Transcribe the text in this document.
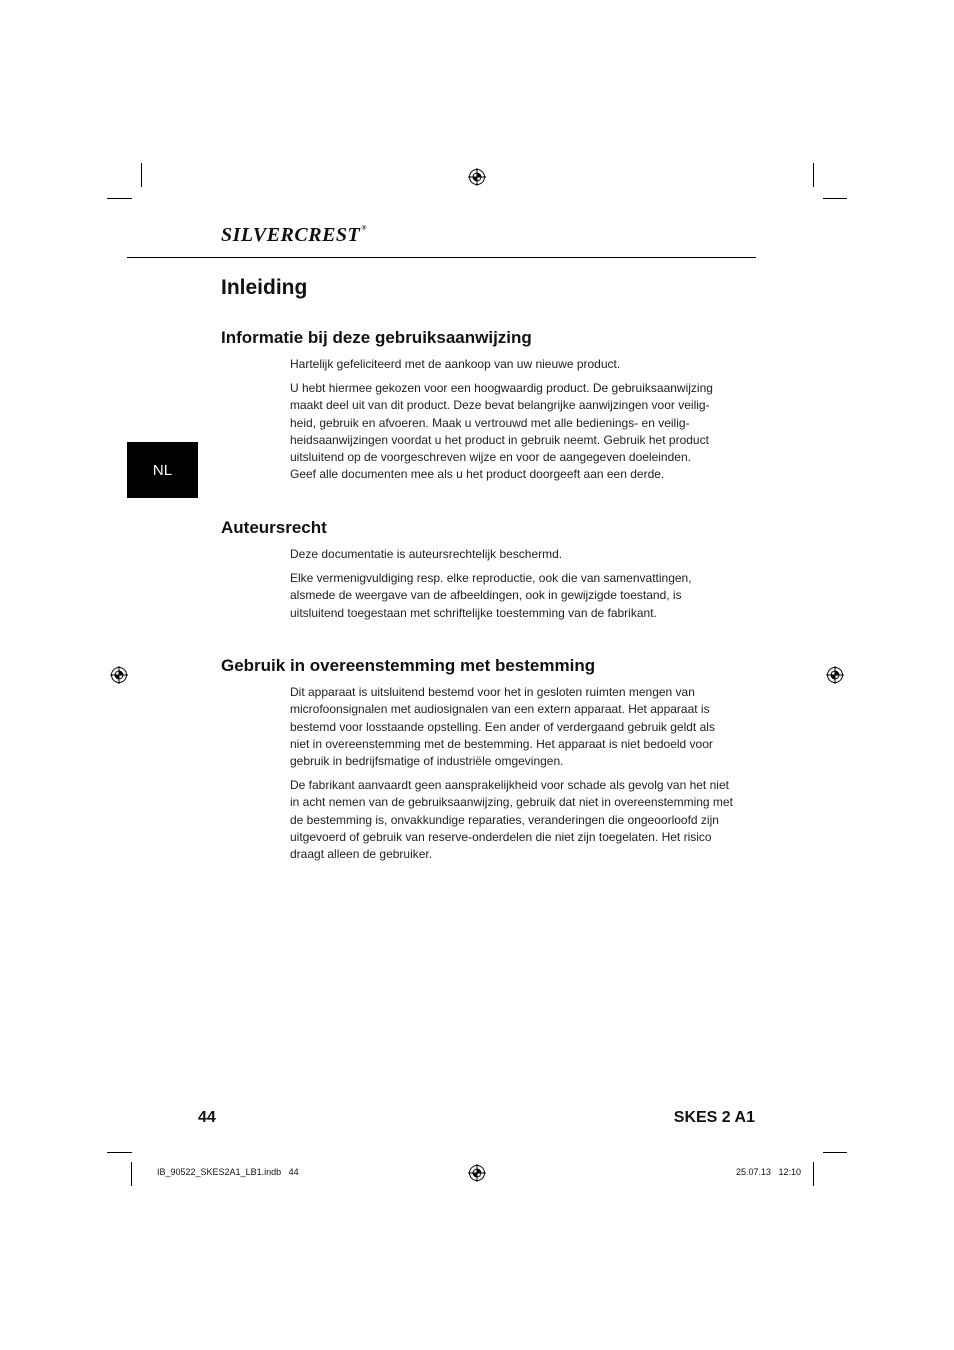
SILVERCREST®
Inleiding
NL
Informatie bij deze gebruiksaanwijzing

Hartelijk gefeliciteerd met de aankoop van uw nieuwe product.

U hebt hiermee gekozen voor een hoogwaardig product. De gebruiksaanwijzing
maakt deel uit van dit product. Deze bevat belangrijke aanwijzingen voor veilig-
heid, gebruik en afvoeren. Maak u vertrouwd met alle bedienings- en veilig-
heidsaanwijzingen voordat u het product in gebruik neemt. Gebruik het product
uitsluitend op de voorgeschreven wijze en voor de aangegeven doeleinden.
Geef alle documenten mee als u het product doorgeeft aan een derde.

Auteursrecht

Deze documentatie is auteursrechtelijk beschermd.

Elke vermenigvuldiging resp. elke reproductie, ook die van samenvattingen,
alsmede de weergave van de afbeeldingen, ook in gewijzigde toestand, is
uitsluitend toegestaan met schriftelijke toestemming van de fabrikant.

Gebruik in overeenstemming met bestemming

Dit apparaat is uitsluitend bestemd voor het in gesloten ruimten mengen van
microfoonsignalen met audiosignalen van een extern apparaat. Het apparaat is
bestemd voor losstaande opstelling. Een ander of verdergaand gebruik geldt als
niet in overeenstemming met de bestemming. Het apparaat is niet bedoeld voor
gebruik in bedrijfsmatige of industriële omgevingen.

De fabrikant aanvaardt geen aansprakelijkheid voor schade als gevolg van het niet
in acht nemen van de gebruiksaanwijzing, gebruik dat niet in overeenstemming met
de bestemming is, onvakkundige reparaties, veranderingen die ongeoorloofd zijn
uitgevoerd of gebruik van reserve-onderdelen die niet zijn toegelaten. Het risico
draagt alleen de gebruiker.

44	SKES 2 A1
IB_90522_SKES2A1_LB1.indb   44	25.07.13   12:10
